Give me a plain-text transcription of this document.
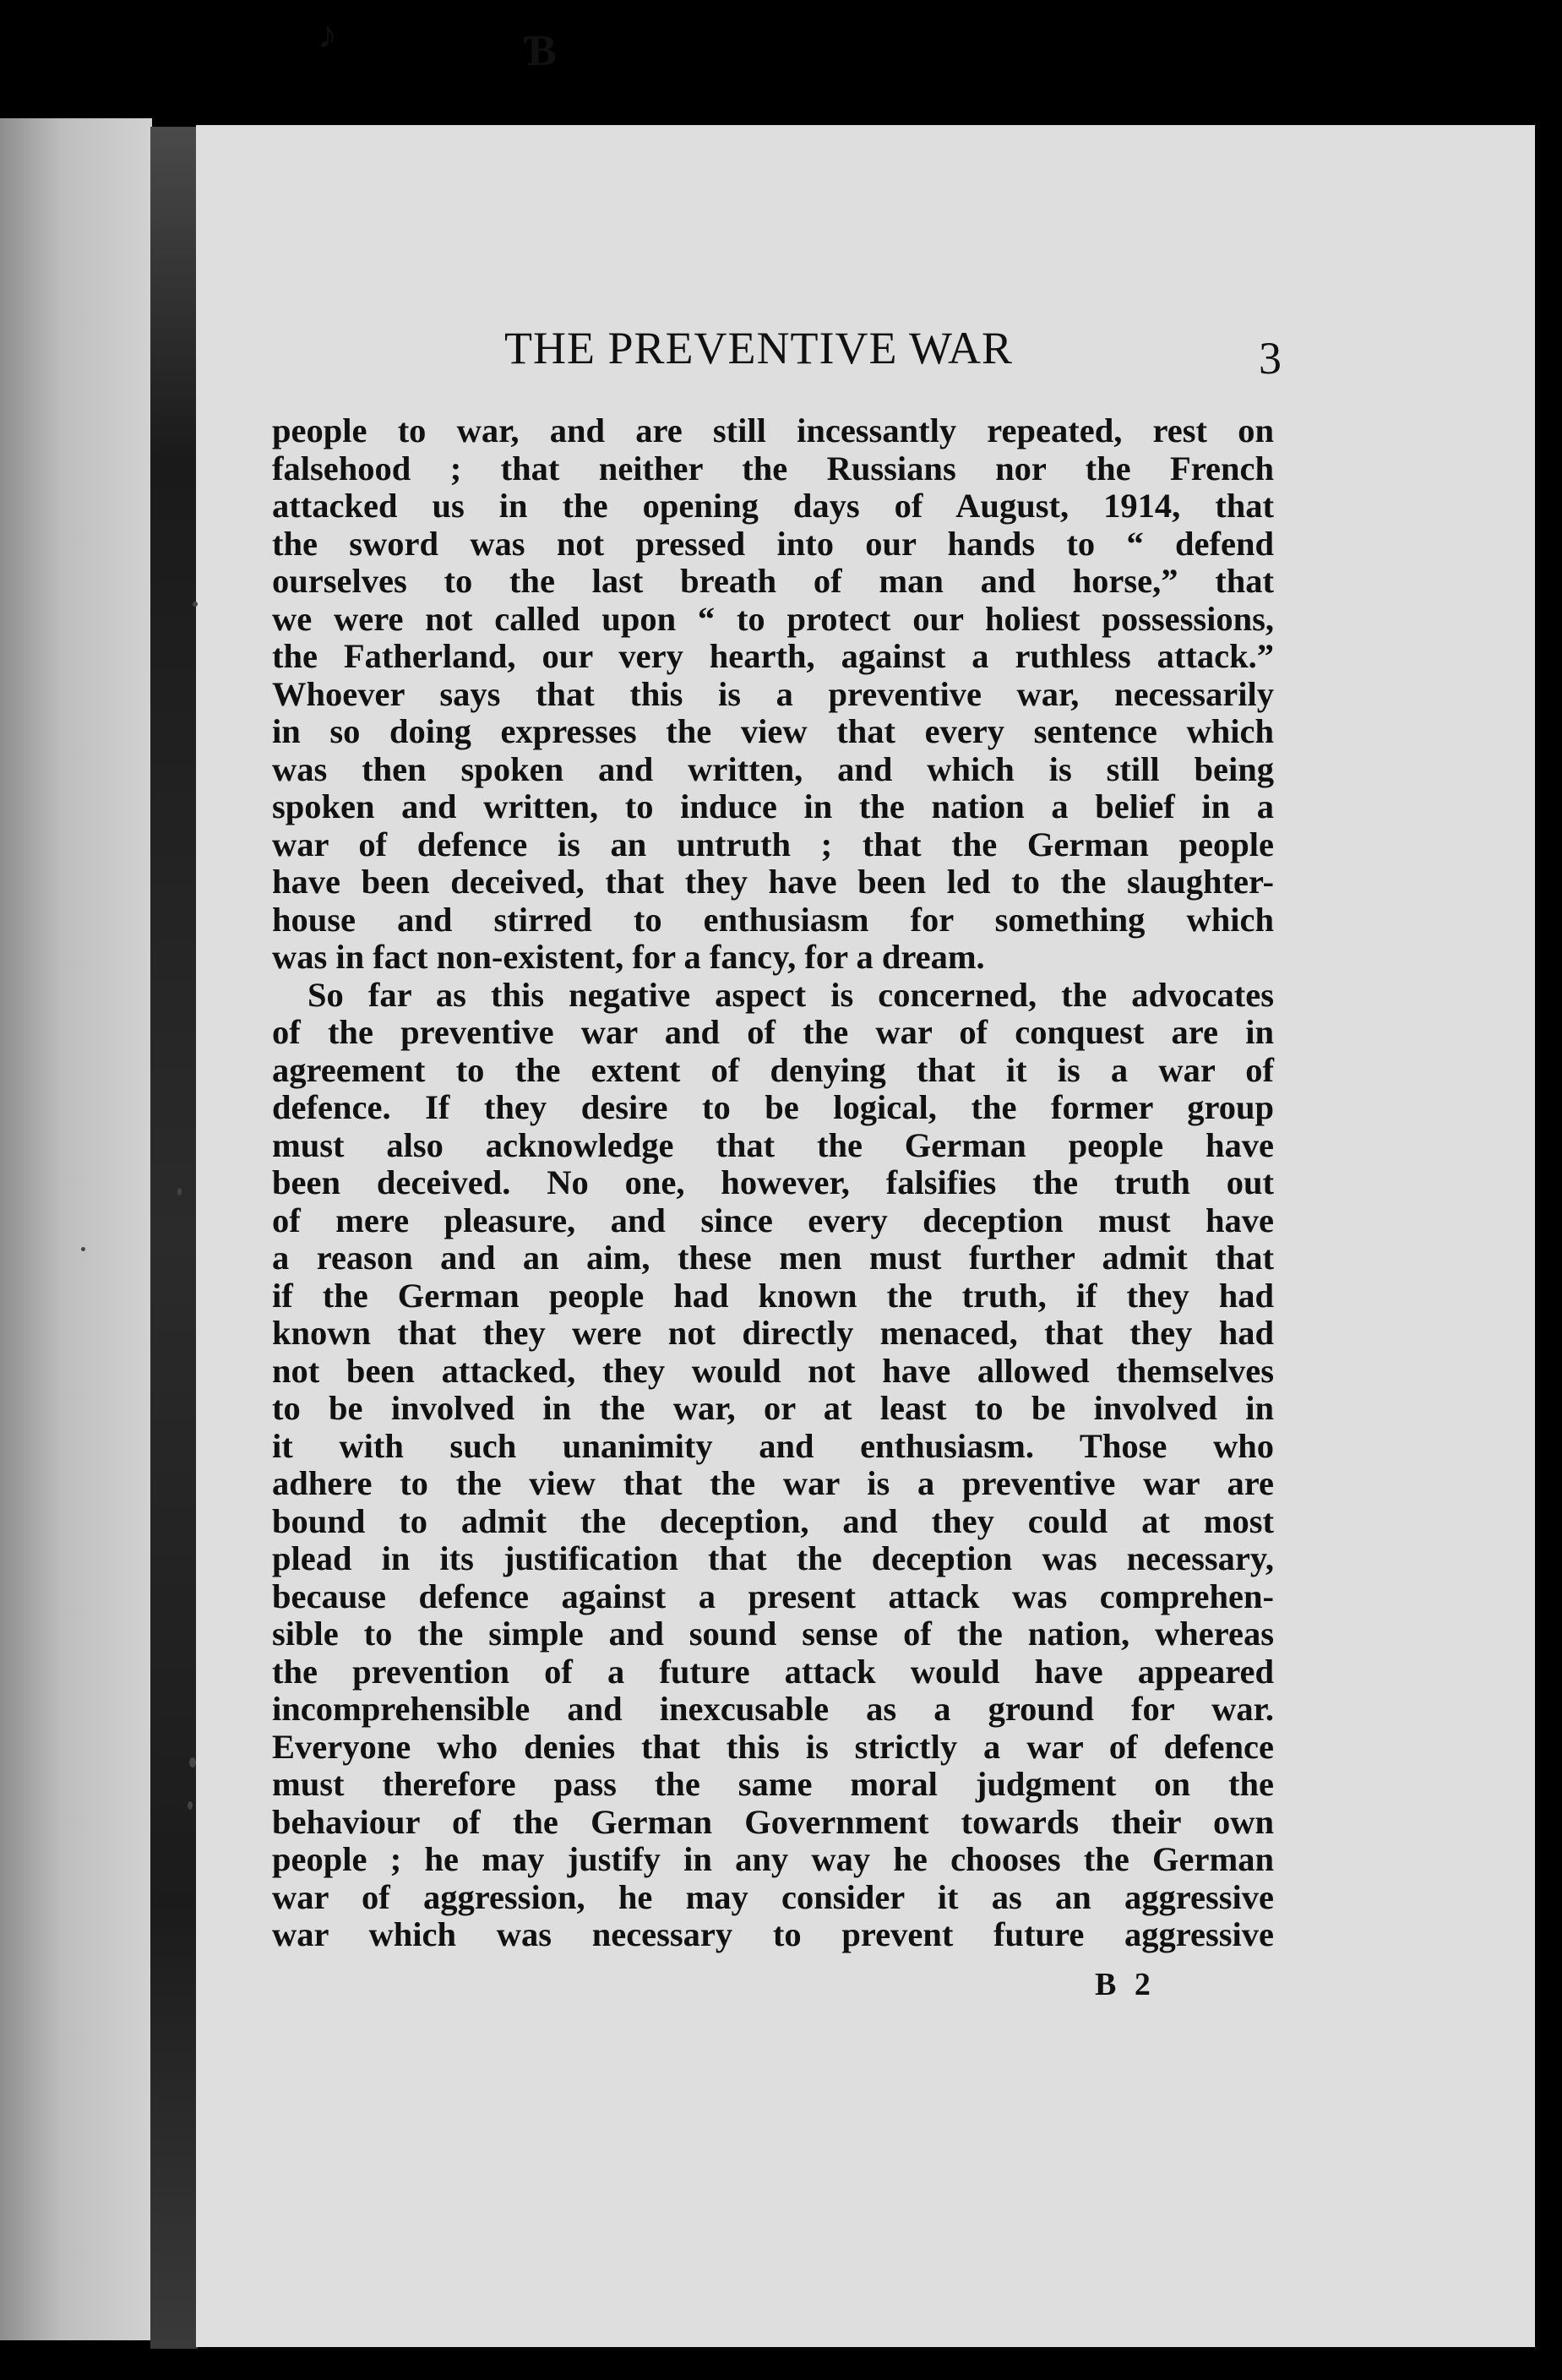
♪	Ɓ
THE PREVENTIVE WAR	3
people to war, and are still incessantly repeated, rest on
falsehood ; that neither the Russians nor the French
attacked us in the opening days of August, 1914, that
the sword was not pressed into our hands to “ defend
ourselves to the last breath of man and horse,” that
we were not called upon “ to protect our holiest possessions,
the Fatherland, our very hearth, against a ruthless attack.”
Whoever says that this is a preventive war, necessarily
in so doing expresses the view that every sentence which
was then spoken and written, and which is still being
spoken and written, to induce in the nation a belief in a
war of defence is an untruth ; that the German people
have been deceived, that they have been led to the slaughter-
house and stirred to enthusiasm for something which
was in fact non-existent, for a fancy, for a dream.
So far as this negative aspect is concerned, the advocates
of the preventive war and of the war of conquest are in
agreement to the extent of denying that it is a war of
defence. If they desire to be logical, the former group
must also acknowledge that the German people have
been deceived. No one, however, falsifies the truth out
of mere pleasure, and since every deception must have
a reason and an aim, these men must further admit that
if the German people had known the truth, if they had
known that they were not directly menaced, that they had
not been attacked, they would not have allowed themselves
to be involved in the war, or at least to be involved in
it with such unanimity and enthusiasm. Those who
adhere to the view that the war is a preventive war are
bound to admit the deception, and they could at most
plead in its justification that the deception was necessary,
because defence against a present attack was comprehen-
sible to the simple and sound sense of the nation, whereas
the prevention of a future attack would have appeared
incomprehensible and inexcusable as a ground for war.
Everyone who denies that this is strictly a war of defence
must therefore pass the same moral judgment on the
behaviour of the German Government towards their own
people ; he may justify in any way he chooses the German
war of aggression, he may consider it as an aggressive
war which was necessary to prevent future aggressive
B 2
